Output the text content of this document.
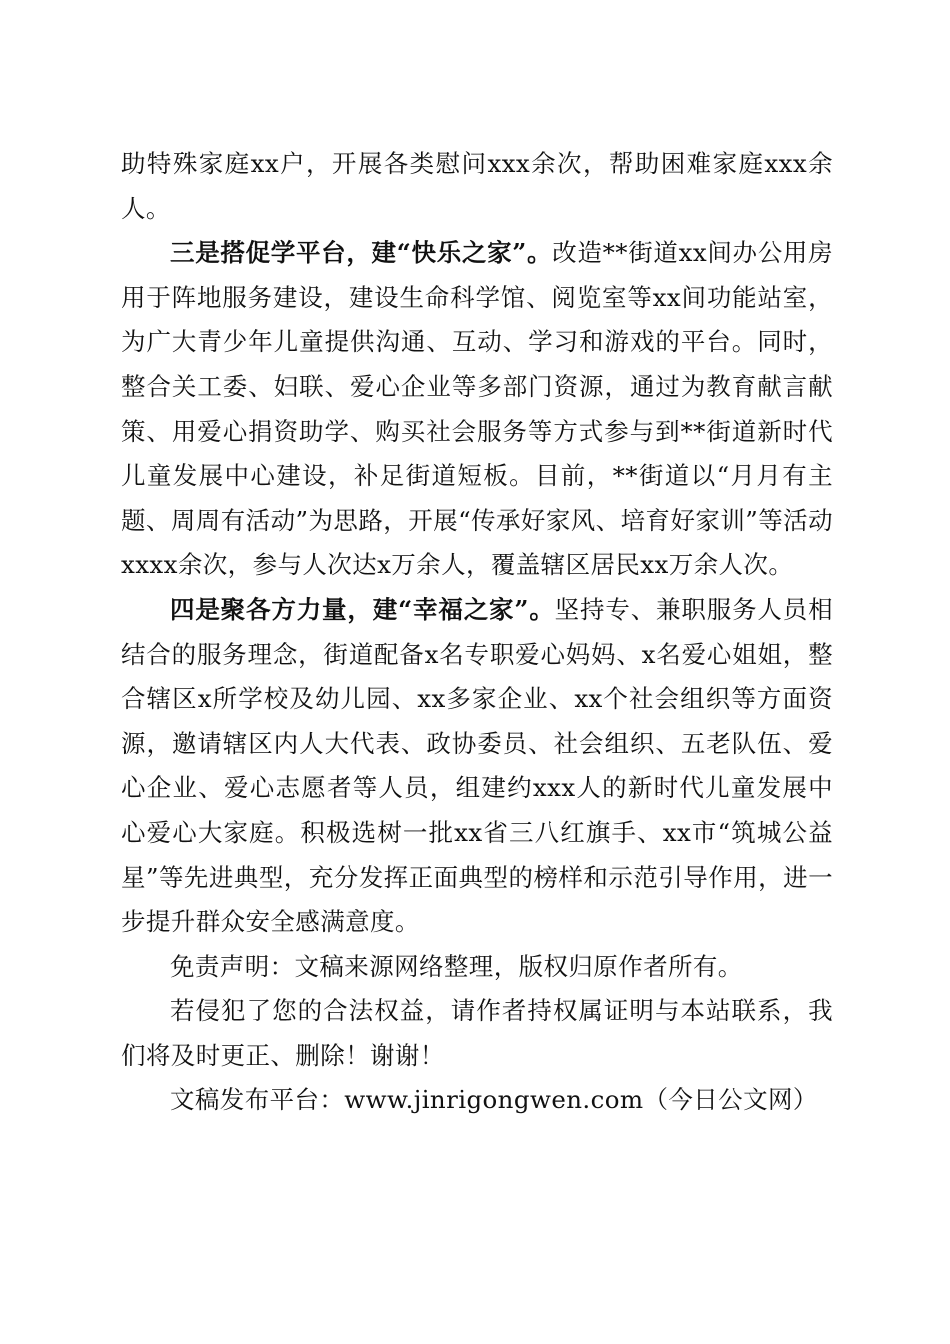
助特殊家庭xx户，开展各类慰问xxx余次，帮助困难家庭xxx余人。

三是搭促学平台，建“快乐之家”。改造**街道xx间办公用房用于阵地服务建设，建设生命科学馆、阅览室等xx间功能站室，为广大青少年儿童提供沟通、互动、学习和游戏的平台。同时，整合关工委、妇联、爱心企业等多部门资源，通过为教育献言献策、用爱心捐资助学、购买社会服务等方式参与到**街道新时代儿童发展中心建设，补足街道短板。目前，**街道以“月月有主题、周周有活动”为思路，开展“传承好家风、培育好家训”等活动xxxx余次，参与人次达x万余人，覆盖辖区居民xx万余人次。

四是聚各方力量，建“幸福之家”。坚持专、兼职服务人员相结合的服务理念，街道配备x名专职爱心妈妈、x名爱心姐姐，整合辖区x所学校及幼儿园、xx多家企业、xx个社会组织等方面资源，邀请辖区内人大代表、政协委员、社会组织、五老队伍、爱心企业、爱心志愿者等人员，组建约xxx人的新时代儿童发展中心爱心大家庭。积极选树一批xx省三八红旗手、xx市“筑城公益星”等先进典型，充分发挥正面典型的榜样和示范引导作用，进一步提升群众安全感满意度。

免责声明：文稿来源网络整理，版权归原作者所有。

若侵犯了您的合法权益，请作者持权属证明与本站联系，我们将及时更正、删除！谢谢！

文稿发布平台：www.jinrigongwen.com（今日公文网）
